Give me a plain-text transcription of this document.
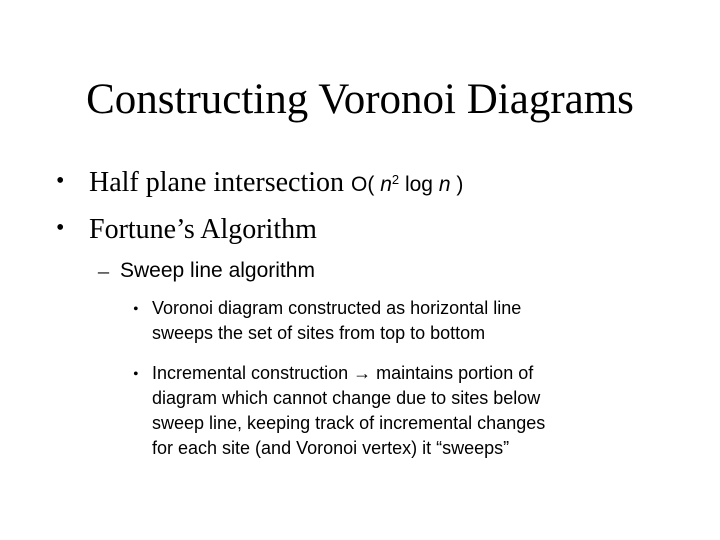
Constructing Voronoi Diagrams
• Half plane intersection O( $n^2$ log n )
• Fortune’s Algorithm
– Sweep line algorithm
• Voronoi diagram constructed as horizontal line
sweeps the set of sites from top to bottom
• Incremental construction → maintains portion of
diagram which cannot change due to sites below
sweep line, keeping track of incremental changes
for each site (and Voronoi vertex) it “sweeps”
